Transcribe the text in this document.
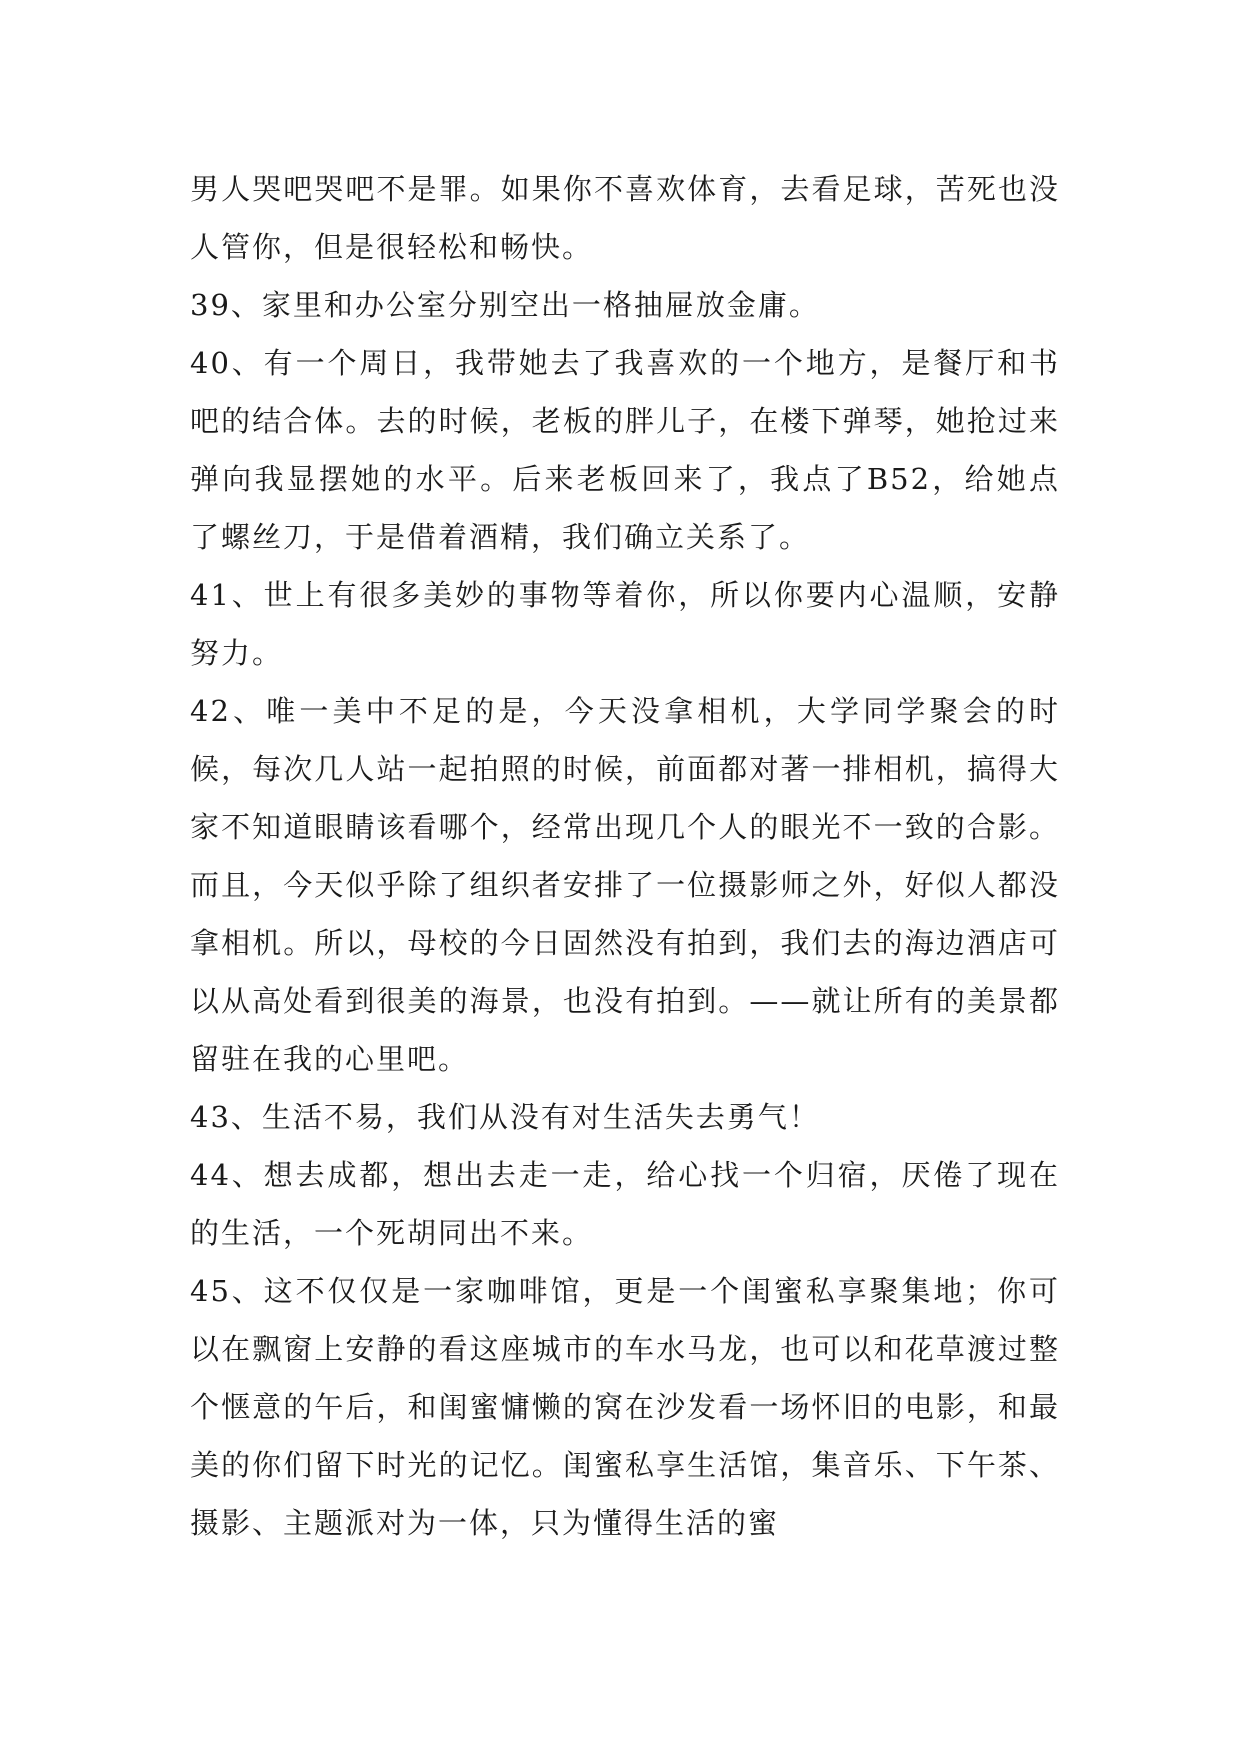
男人哭吧哭吧不是罪。如果你不喜欢体育，去看足球，苦死也没人管你，但是很轻松和畅快。

39、家里和办公室分别空出一格抽屉放金庸。

40、有一个周日，我带她去了我喜欢的一个地方，是餐厅和书吧的结合体。去的时候，老板的胖儿子，在楼下弹琴，她抢过来弹向我显摆她的水平。后来老板回来了，我点了B52，给她点了螺丝刀，于是借着酒精，我们确立关系了。

41、世上有很多美妙的事物等着你，所以你要内心温顺，安静努力。

42、唯一美中不足的是，今天没拿相机，大学同学聚会的时候，每次几人站一起拍照的时候，前面都对著一排相机，搞得大家不知道眼睛该看哪个，经常出现几个人的眼光不一致的合影。而且，今天似乎除了组织者安排了一位摄影师之外，好似人都没拿相机。所以，母校的今日固然没有拍到，我们去的海边酒店可以从高处看到很美的海景，也没有拍到。——就让所有的美景都留驻在我的心里吧。

43、生活不易，我们从没有对生活失去勇气！

44、想去成都，想出去走一走，给心找一个归宿，厌倦了现在的生活，一个死胡同出不来。

45、这不仅仅是一家咖啡馆，更是一个闺蜜私享聚集地；你可以在飘窗上安静的看这座城市的车水马龙，也可以和花草渡过整个惬意的午后，和闺蜜慵懒的窝在沙发看一场怀旧的电影，和最美的你们留下时光的记忆。闺蜜私享生活馆，集音乐、下午茶、摄影、主题派对为一体，只为懂得生活的蜜
